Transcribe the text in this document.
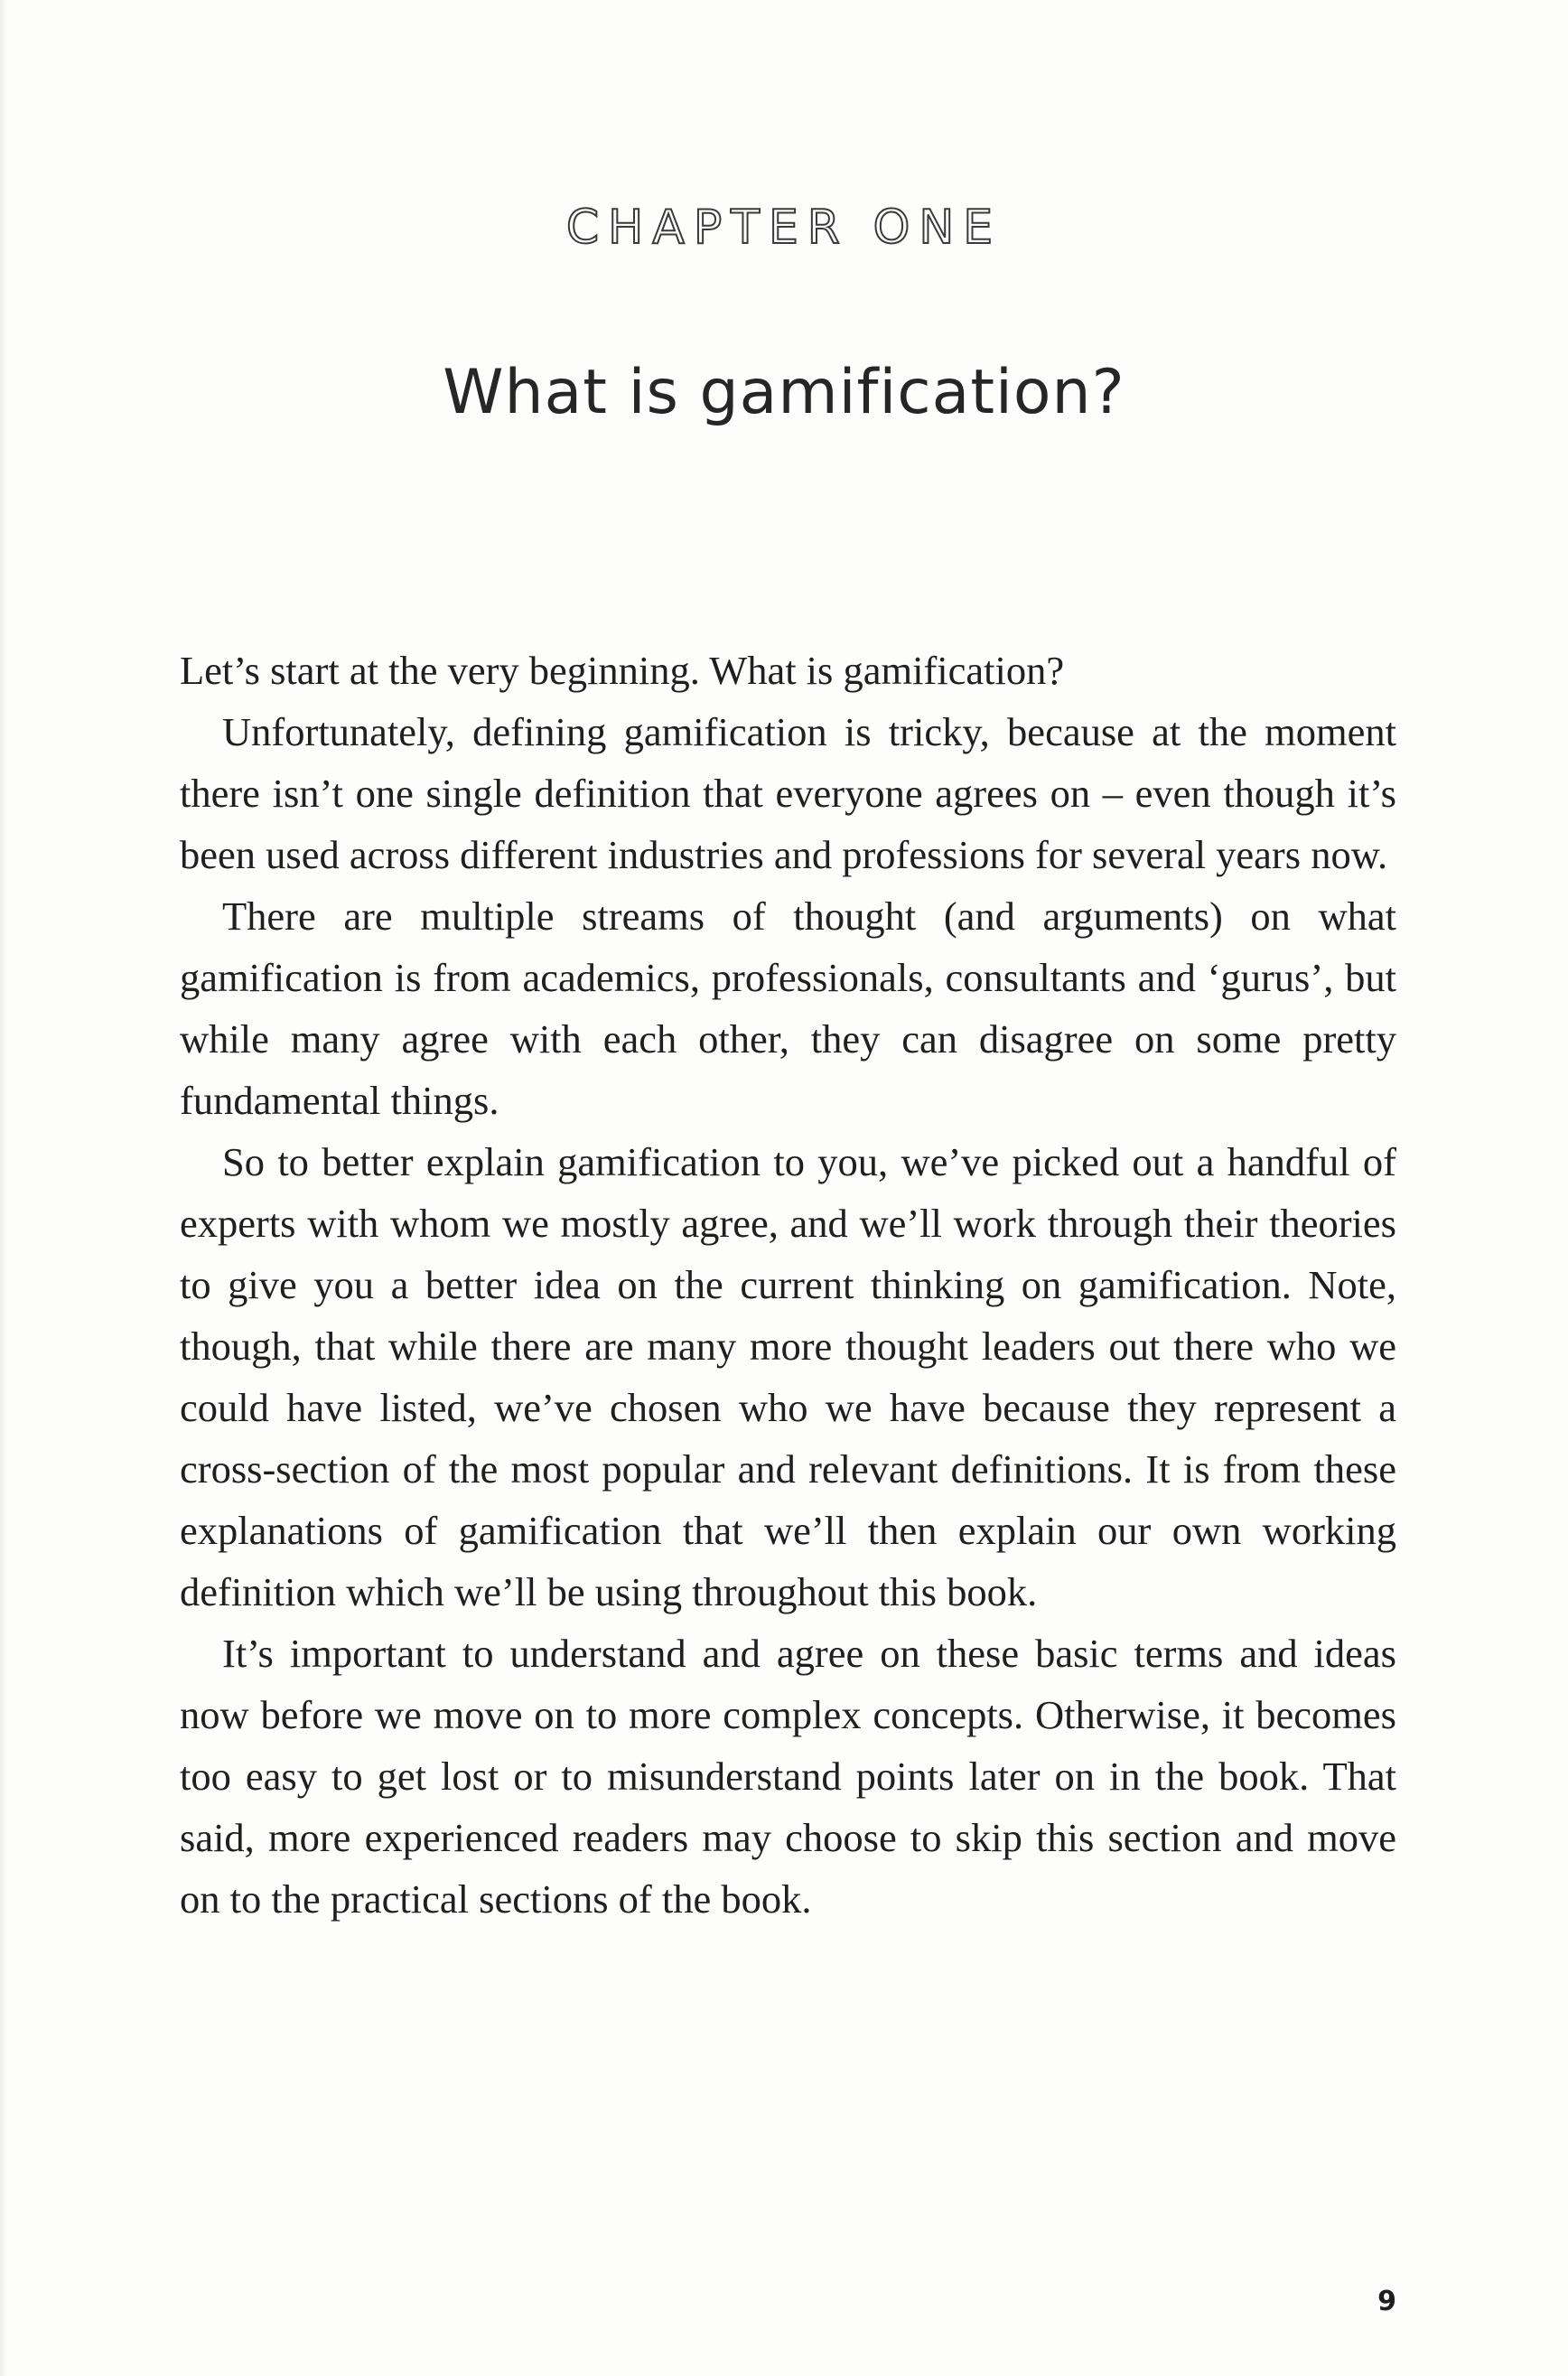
CHAPTER ONE
What is gamification?

Let’s start at the very beginning. What is gamification?

Unfortunately, defining gamification is tricky, because at the moment there isn’t one single definition that everyone agrees on – even though it’s been used across different industries and professions for several years now.

There are multiple streams of thought (and arguments) on what gamification is from academics, professionals, consultants and ‘gurus’, but while many agree with each other, they can disagree on some pretty fundamental things.

So to better explain gamification to you, we’ve picked out a handful of experts with whom we mostly agree, and we’ll work through their theories to give you a better idea on the current thinking on gamification. Note, though, that while there are many more thought leaders out there who we could have listed, we’ve chosen who we have because they represent a cross-section of the most popular and relevant definitions. It is from these explanations of gamification that we’ll then explain our own working definition which we’ll be using throughout this book.

It’s important to understand and agree on these basic terms and ideas now before we move on to more complex concepts. Otherwise, it becomes too easy to get lost or to misunderstand points later on in the book. That said, more experienced readers may choose to skip this section and move on to the practical sections of the book.

9
